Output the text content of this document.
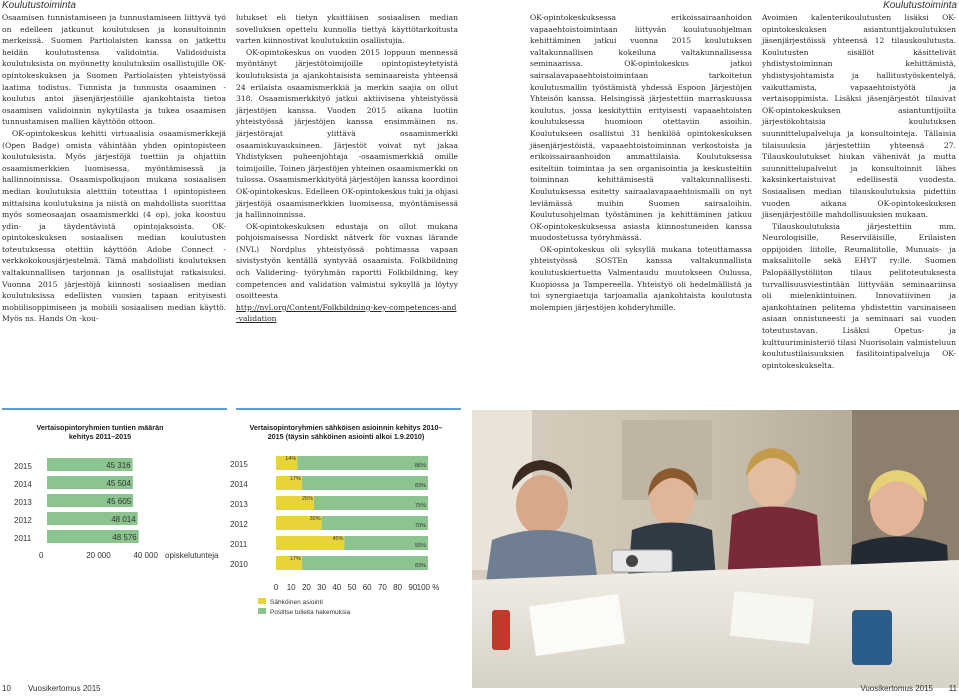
Koulutustoiminta	Koulutustoiminta

Osaamisen tunnistamiseen ja tunnustamiseen liittyvä työ on edelleen jatkunut koulutuksen ja konsultoinnin merkeissä. Suomen Partiolaisten kanssa on jatkettu heidän koulutustensa validointia. Validoiduista koulutuksista on myönnetty koulutuksiin osallistujille OK-opintokeskuksen ja Suomen Partiolaisten yhteistyössä laatima todistus. Tunnista ja tunnusta osaaminen -koulutus antoi jäsenjärjestöille ajankohtaista tietoa osaamisen validoinnin nykytilasta ja tukea osaamisen tunnustamisen mallien käyttöön ottoon.

OK-opintokeskus kehitti virtuaalisia osaamismerkkejä (Open Badge) omista vähintään yhden opintopisteen koulutuksista. Myös järjestöjä tuettiin ja ohjattiin osaamismerkkien luomisessa, myöntämisessä ja hallinnoinnissa. Osaamispolkujaon mukana sosiaalisen median koulutuksia aletttiin toteuttaa 1 opintopisteen mittaisina koulutuksina ja niistä on mahdollista suorittaa myös someosaajan osaamismerkki (4 op), joka koostuu ydin- ja täydentävistä opintojaksoista. OK-opintokeskuksen sosiaalisen median koulutusten toteutuksessa otettiin käyttöön Adobe Connect -verkkokokousjärjestelmä. Tämä mahdollisti koulutuksen valtakunnallisen tarjonnan ja osallistujat ratkaisuksi. Vuonna 2015 järjestöjä kiinnosti sosiaalisen median koulutuksissa edellisten vuosien tapaan erityisesti mobiilisoppimiseen ja mobiili sosiaalisen median käyttö. Myös ns. Hands On -kou-

lutukset eli tietyn yksittäisen sosiaalisen median sovelluksen opettelu kunnolla tiettyä käyttötarkoitusta varten kiinnostivat koulutuksiin osallistujia.

OK-opintokeskus on vuoden 2015 loppuun mennessä myöntänyt järjestötoimijoille opintopisteytetyistä koulutuksista ja ajankohtaisista seminaareista yhteensä 24 erilaista osaamismerkkiä ja merkin saajia on ollut 318. Osaamismerkkityö jatkui aktiivisena yhteistyössä järjestöjen kanssa. Vuoden 2015 aikana luotiin yhteistyössä järjestöjen kanssa ensimmäinen ns. järjestörajat ylittävä osaamismerkki osaamiskuvauksineen. Järjestöt voivat nyt jakaa Yhdistyksen puheenjohtaja -osaamismerkkiä omille toimijoille. Toinen järjestöjen yhteinen osaamismerkki on tulossa. Osaamismerkkityötä järjestöjen kanssa koordinoi OK-opintokeskus. Edelleen OK-opintokeskus tuki ja ohjasi järjestöjä osaamismerkkien luomisessa, myöntämisessä ja hallinnoinnissa.

OK-opintokeskuksen edustaja on ollut mukana pohjoismaisessa Nordiskt nätverk för vuxnas lärande (NVL) Nordplus yhteistyössä pohtimassa vapaan sivistystyön kentällä syntyvää osaamista. Folkbildning och Validering- työryhmän raportti Folkbildning, key competences and validation valmistui syksyllä ja löytyy osoitteesta

http://nvl.org/Content/Folkbildning-key-competences-and-validation

OK-opintokeskuksessa erikoissairaanhoidon vapaaehtoistoimintaan liittyvän koulutusohjelman kehittäminen jatkui vuonna 2015 koulutuksen valtakunnallisen kokeiluna valtakunnallisessa seminaarissa. OK-opintokeskus jatkoi sairaalavapaaehtoistoimintaan tarkoitetun koulutusmallin työstämistä yhdessä Espoon Järjestöjen Yhteisön kanssa. Helsingissä järjestettiin marraskuussa koulutus, jossa keskityttiin erityisesti vapaaehtoisten koulutuksessa huomioon otettaviin asioihin. Koulutukseen osallistui 31 henkilöä opintokeskuksen jäsenjärjestöistä, vapaaehtoistoiminnan verkostoista ja erikoissairaanhoidon ammattilaisia. Koulutuksessa esiteltiin toimintaa ja sen organisointia ja keskusteltiin toiminnan kehittämisestä valtakunnallisesti. Koulutuksessa esitetty sairaalavapaaehtoismalli on nyt leviämässä muihin Suomen sairaaloihin. Koulutusohjelman työstäminen ja kehittäminen jatkuu OK-opintokeskuksessa asiasta kiinnostuneiden kanssa muodostetussa työryhmässä.

OK-opintokeskus oli syksyllä mukana toteuttamassa yhteistyössä SOSTEn kanssa valtakunnallista koulutuskiertuetta Valmentaudu muutokseen Oulussa, Kuopiossa ja Tampereella. Yhteistyö oli hedelmällistä ja toi synergiaetuja tarjoamalla ajankohtaista koulutusta molempien järjestöjen kohderyhmille.

Avoimien kalenterikoulutusten lisäksi OK-opintokeskuksen asiantuntijakoulutuksen jäsenjärjestöissä yhteensä 12 tilauskoulutusta. Koulutusten sisällöt käsittelivät yhdistystoiminnan kehittämistä, yhdistysjohtamista ja hallitustyöskentelyä, vaikuttamista, vapaaehtoistyötä ja vertaisoppimista. Lisäksi jäsenjärjestöt tilasivat OK-opintokeskuksen asiantuntijoilta järjestökohtaisia koulutuksen suunnittelupalveluja ja konsultointeja. Tällaisia tilaisuuksia järjestettiin yhteensä 27. Tilauskoulutukset hiukan vähenivät ja mutta suunnittelupalvelut ja konsultoinnit lähes kaksinkertaistuivat edellisestä vuodesta. Sosiaalisen median tilauskoulutuksia pidettiin vuoden aikana OK-opintokeskuksen jäsenjärjestöille mahdollisuuksien mukaan.

Tilauskoulutuksia järjestettiin mm. Neurologisille, Reserviläisille, Erilaisten oppijoiden liitolle, Reumaliitolle, Munuais- ja maksaliitolle sekä EHYT ry:lle. Suomen Palopäällystöliiton tilaus pelitoteutuksesta turvallisuusviestintään liittyvään seminaariinsa oli mielenkiintoinen. Innovatiivinen ja ajankohtainen pelitema yhdistettin varsinaiseen asiaan onnistuneesti ja seminaari sai vuoden toteutustavan. Lisäksi Opetus- ja kulttuuriministeriö tilasi Nuorisolain valmisteluun koulutustilaisuuksien fasilitointipalveluja OK-opintokeskukselta.

Vertaisopintoryhmien tuntien määrän kehitys 2011–2015
2015	45 316
2014	45 504
2013	45 605
2012	48 014
2011	48 576
0	20 000	40 000 opiskelutunteja
Vertaisopintoryhmien sähköisen asioinnin kehitys 2010–2015 (täysin sähköinen asiointi alkoi 1.9.2010)
2015
14%
86%
2014
17%
83%
2013
25%
75%
2012
30%
70%
2011
45%
55%
2010
17%
83%
0 10 20 30 40 50 60 70 80 90 100 %
Sähköinen asiointi
Postitse tullеita hakemuksia
10 Vuosikertomus 2015	Vuosikertomus 2015 11
